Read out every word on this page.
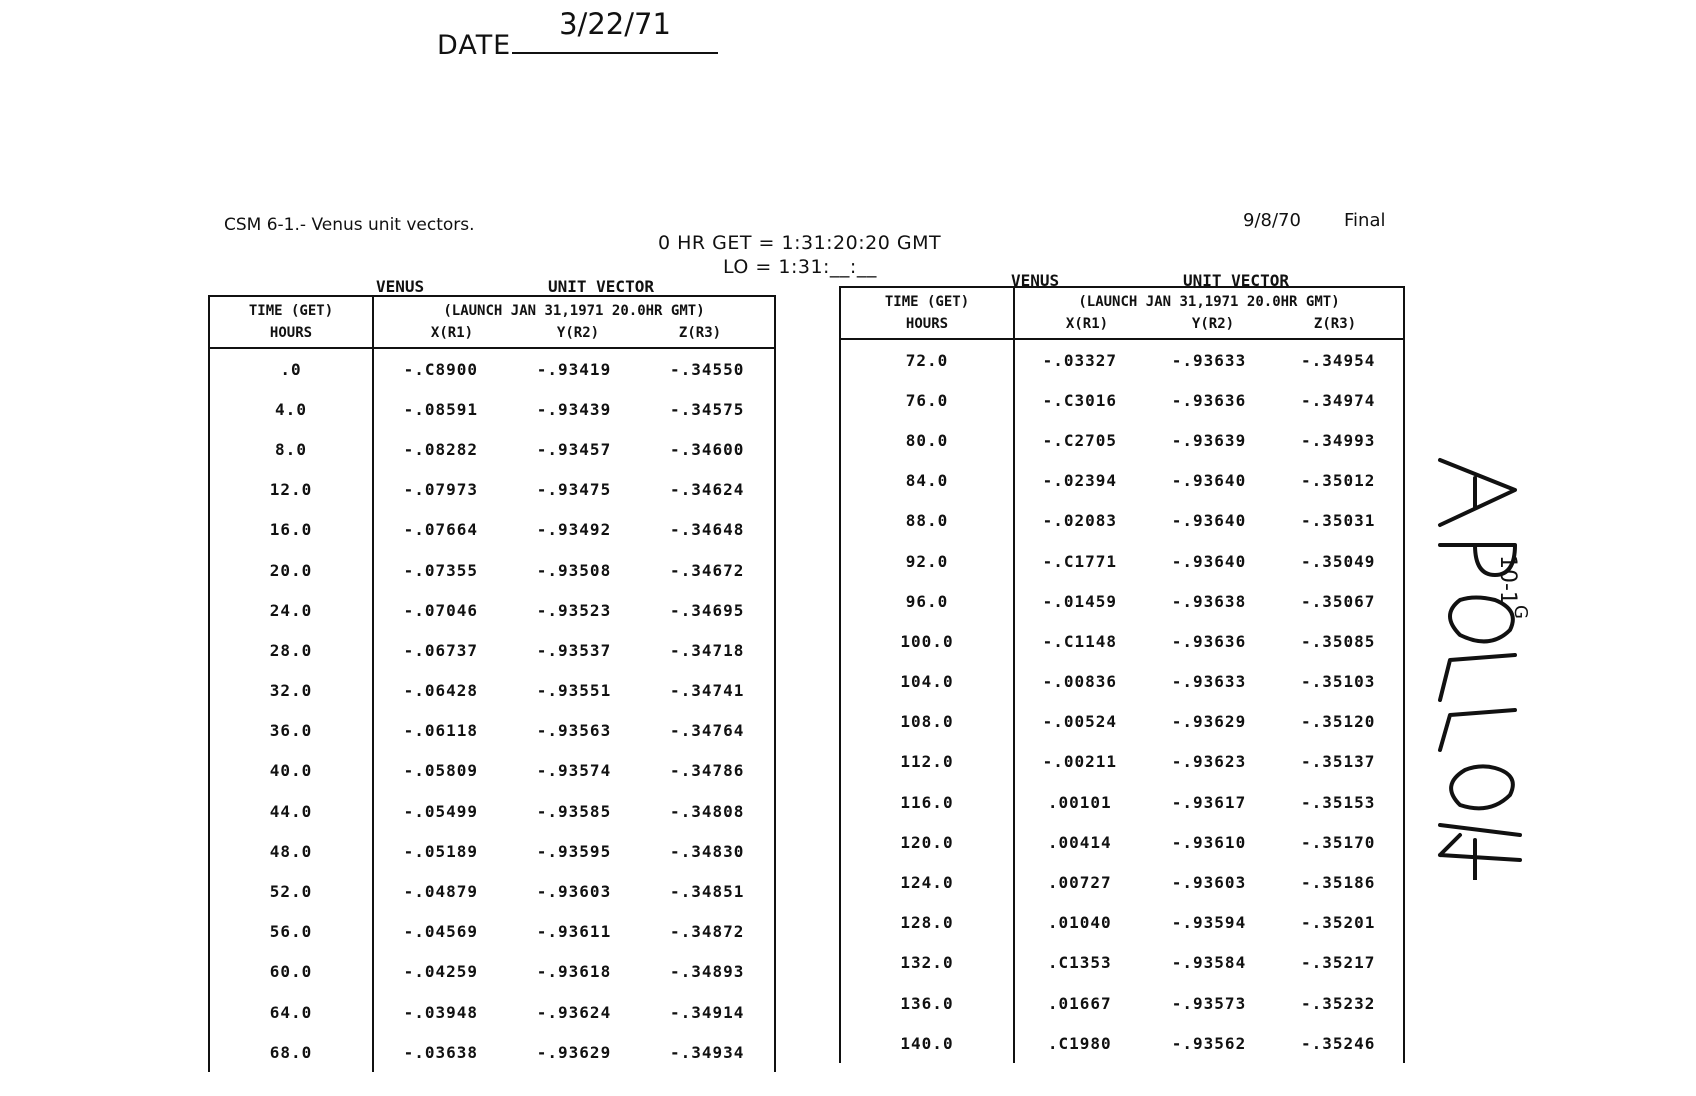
DATE
3/22/71
CSM 6-1.- Venus unit vectors.	9/8/70 Final
0 HR GET = 1:31:20:20 GMT
LO = 1:31:__:__
VENUS	UNIT VECTOR	VENUS	UNIT VECTOR
TIME (GET)
HOURS	(LAUNCH JAN 31,1971 20.0HR GMT)
X(R1) Y(R2) Z(R3)		
.0	-.C8900	-.93419	-.34550
4.0	-.08591	-.93439	-.34575
8.0	-.08282	-.93457	-.34600
12.0	-.07973	-.93475	-.34624
16.0	-.07664	-.93492	-.34648
20.0	-.07355	-.93508	-.34672
24.0	-.07046	-.93523	-.34695
28.0	-.06737	-.93537	-.34718
32.0	-.06428	-.93551	-.34741
36.0	-.06118	-.93563	-.34764
40.0	-.05809	-.93574	-.34786
44.0	-.05499	-.93585	-.34808
48.0	-.05189	-.93595	-.34830
52.0	-.04879	-.93603	-.34851
56.0	-.04569	-.93611	-.34872
60.0	-.04259	-.93618	-.34893
64.0	-.03948	-.93624	-.34914
68.0	-.03638	-.93629	-.34934
TIME (GET)
HOURS	(LAUNCH JAN 31,1971 20.0HR GMT)
X(R1) Y(R2) Z(R3)		
72.0	-.03327	-.93633	-.34954
76.0	-.C3016	-.93636	-.34974
80.0	-.C2705	-.93639	-.34993
84.0	-.02394	-.93640	-.35012
88.0	-.02083	-.93640	-.35031
92.0	-.C1771	-.93640	-.35049
96.0	-.01459	-.93638	-.35067
100.0	-.C1148	-.93636	-.35085
104.0	-.00836	-.93633	-.35103
108.0	-.00524	-.93629	-.35120
112.0	-.00211	-.93623	-.35137
116.0	.00101	-.93617	-.35153
120.0	.00414	-.93610	-.35170
124.0	.00727	-.93603	-.35186
128.0	.01040	-.93594	-.35201
132.0	.C1353	-.93584	-.35217
136.0	.01667	-.93573	-.35232
140.0	.C1980	-.93562	-.35246
$10-1^G$
